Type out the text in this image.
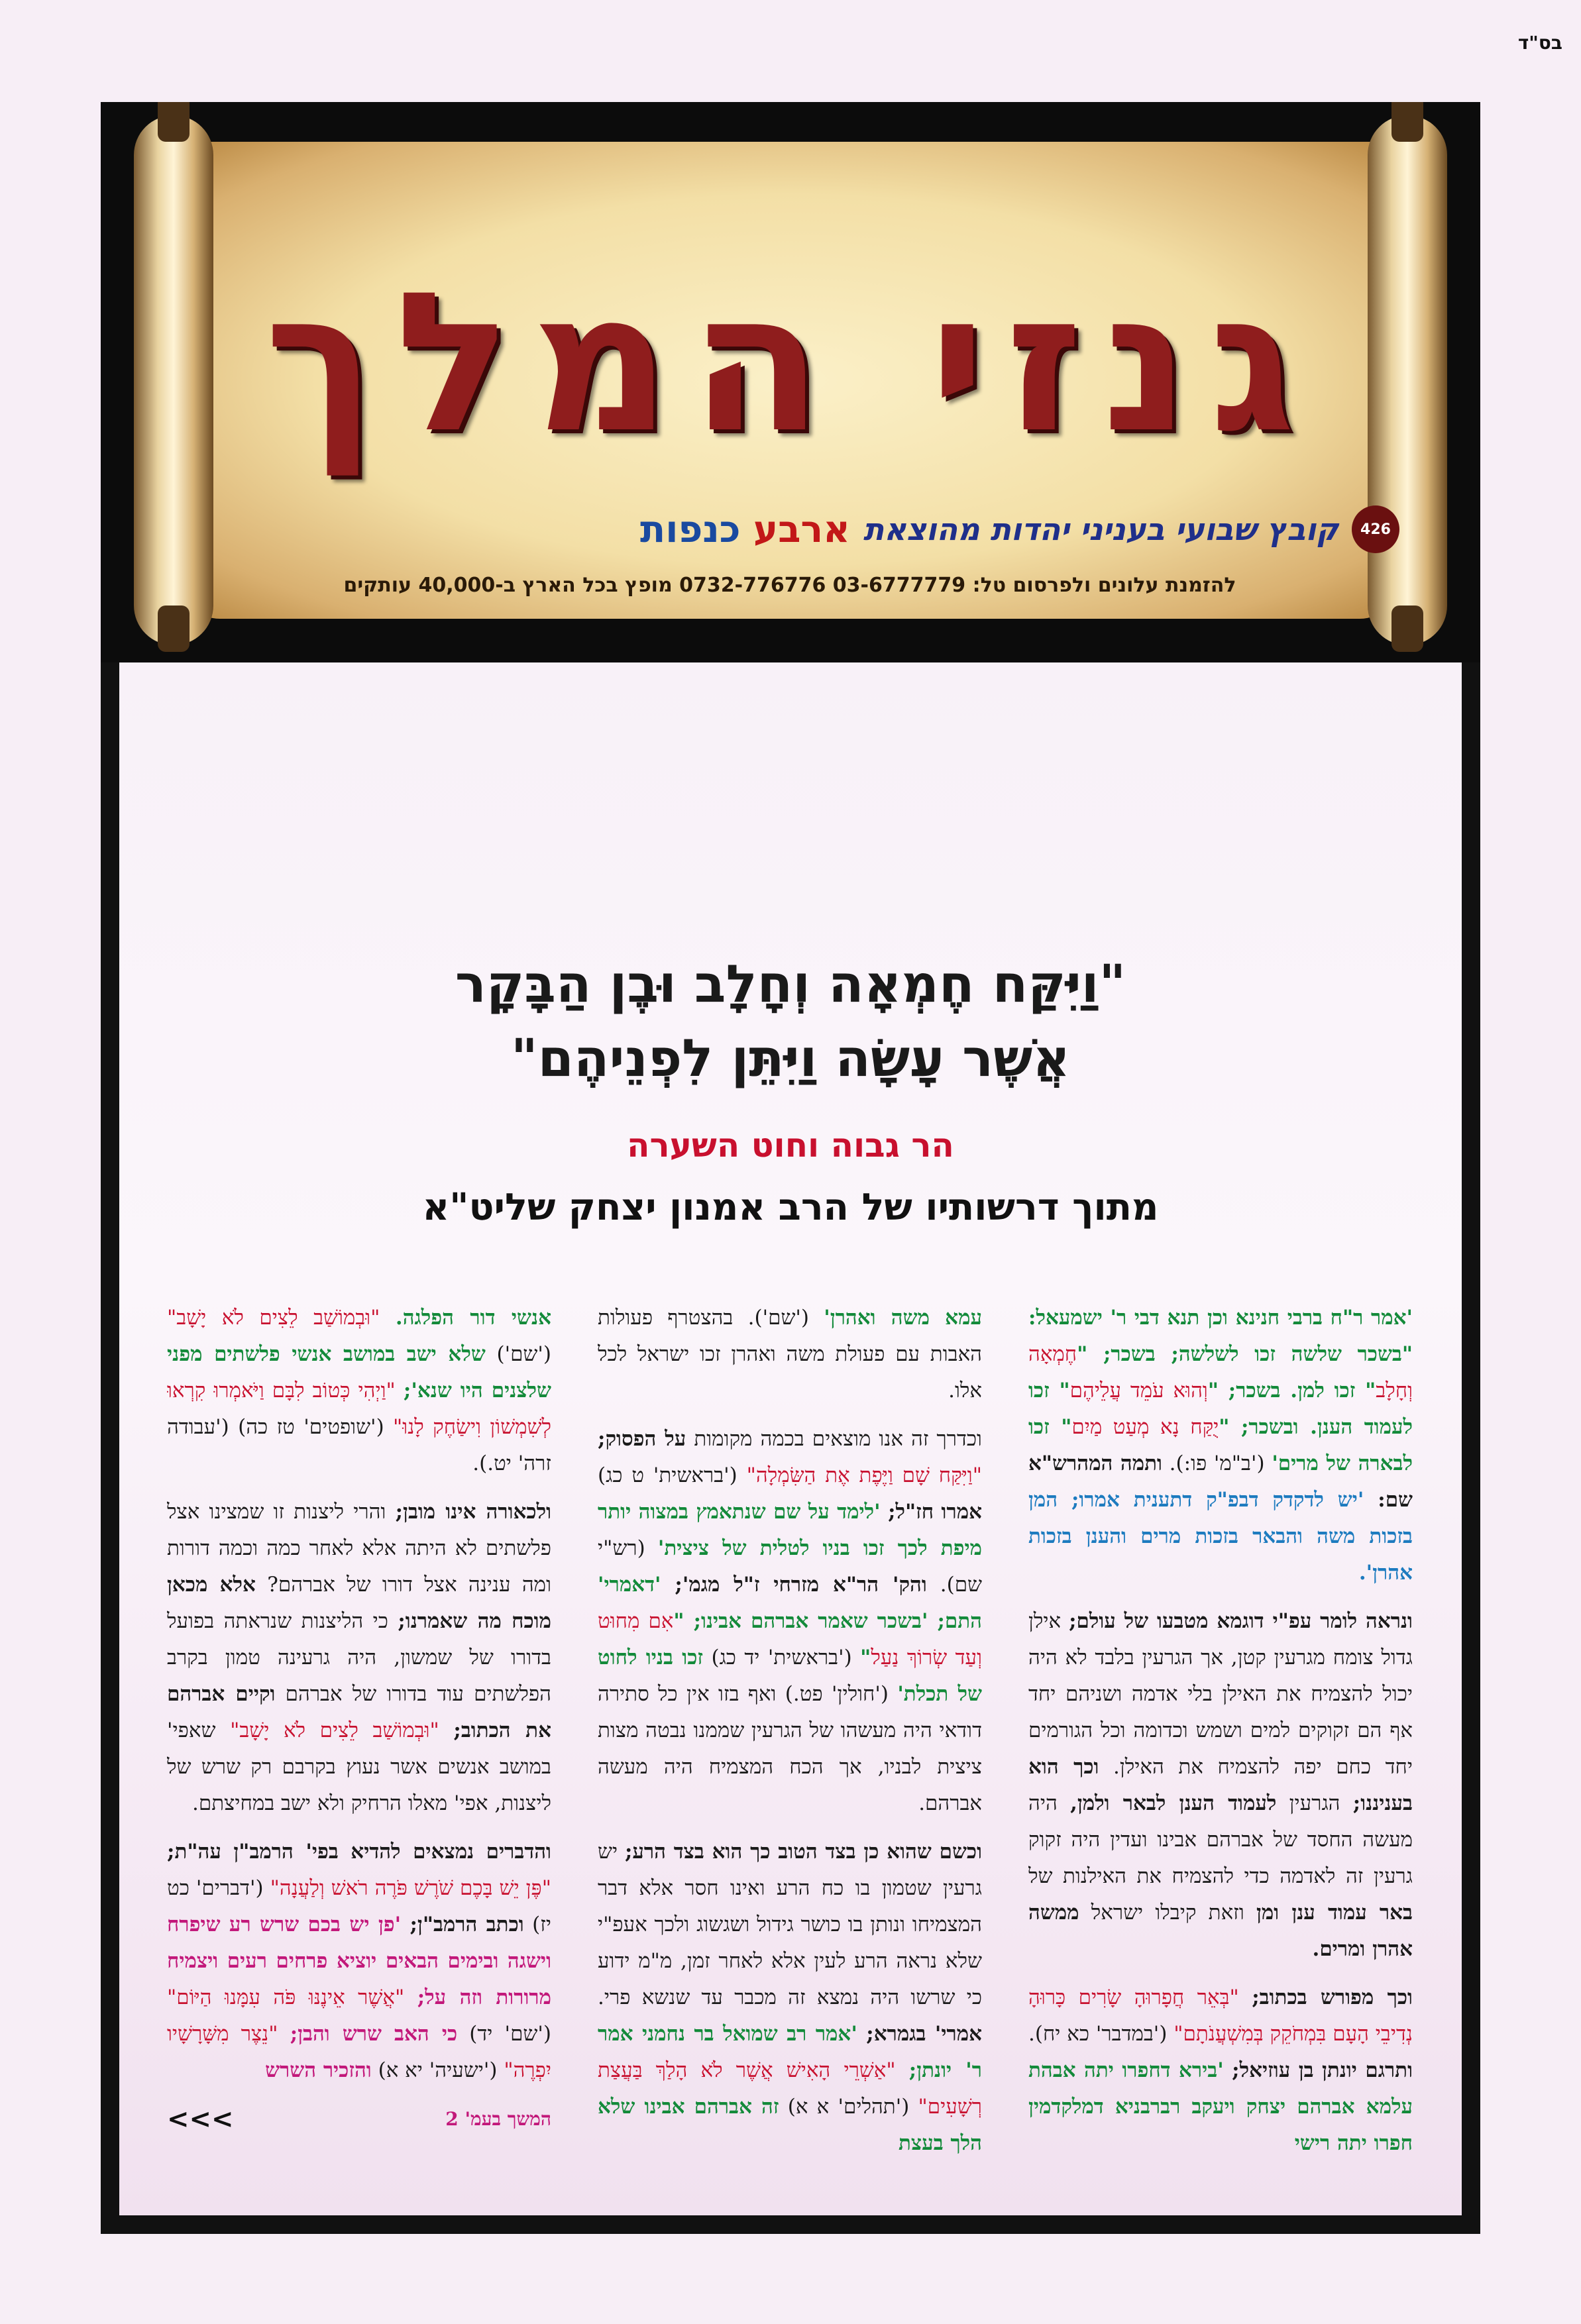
בס"ד
גנזי המלך
426
קובץ שבועי בעניני יהדות מהוצאת
ארבע כנפות
להזמנת עלונים ולפרסום טל: 03-6777779 0732-776776 מופץ בכל הארץ ב-40,000 עותקים
"וַיִּקַּח חֶמְאָה וְחָלָב וּבֶן הַבָּקָר
אֲשֶׁר עָשָׂה וַיִּתֵּן לִפְנֵיהֶם"
הר גבוה וחוט השערה
מתוך דרשותיו של הרב אמנון יצחק שליט"א

'אמר ר"ח ברבי חנינא וכן תנא דבי ר' ישמעאל: "בשכר שלשה זכו לשלשה; בשכר; "חֶמְאָה וְחָלָב" זכו למן. בשכר; "וְהוּא עֹמֵד עֲלֵיהֶם" זכו לעמוד הענן. ובשכר; "יֻקַּח נָא מְעַט מַיִם" זכו לבארה של מרים' ('ב"מ' פו:). ותמה המהרש"א שם: 'יש לדקדק דבפ"ק דתענית אמרו; המן בזכות משה והבאר בזכות מרים והענן בזכות אהרן'.

ונראה לומר עפ"י דוגמא מטבעו של עולם; אילן גדול צומח מגרעין קטן, אך הגרעין בלבד לא היה יכול להצמיח את האילן בלי אדמה ושניהם יחד אף הם זקוקים למים ושמש וכדומה וכל הגורמים יחד כחם יפה להצמיח את האילן. וכך הוא בעניננו; הגרעין לעמוד הענן לבאר ולמן, היה מעשה החסד של אברהם אבינו ועדין היה זקוק גרעין זה לאדמה כדי להצמיח את האילנות של באר עמוד ענן ומן וזאת קיבלו ישראל ממשה אהרן ומרים.

וכך מפורש בכתוב; "בְּאֵר חֲפָרוּהָ שָׂרִים כָּרוּהָ נְדִיבֵי הָעָם בִּמְחֹקֵק בְּמִשְׁעֲנֹתָם" ('במדבר' כא יח). ותרגם יונתן בן עוזיאל; 'בירא דחפרו יתה אבהת עלמא אברהם יצחק ויעקב רברבניא דמלקדמין חפרו יתה רישי

עמא משה ואהרן' ('שם'). בהצטרף פעולות האבות עם פעולת משה ואהרן זכו ישראל לכל אלו.

וכדרך זה אנו מוצאים בכמה מקומות על הפסוק; "וַיִּקַּח שָׁם וַיֶּפֶת אֶת הַשִּׂמְלָה" ('בראשית' ט כג) אמרו חז"ל; 'לימד על שם שנתאמץ במצוה יותר מיפת לכך זכו בניו לטלית של ציצית' (רש"י שם). והק' הר"א מזרחי ז"ל מגמ'; 'דאמרי' התם; 'בשכר שאמר אברהם אבינו; "אִם מִחוּט וְעַד שְׂרוֹךְ נַעַל" ('בראשית' יד כג) זכו בניו לחוט של תכלת' ('חולין' פט.) ואף בזו אין כל סתירה דודאי היה מעשהו של הגרעין שממנו נבטה מצות ציצית לבניו, אך הכח המצמיח היה מעשה אברהם.

וכשם שהוא כן בצד הטוב כך הוא בצד הרע; יש גרעין שטמון בו כח הרע ואינו חסר אלא דבר המצמיחו ונותן בו כושר גידול ושגשוג ולכך אעפ"י שלא נראה הרע לעין אלא לאחר זמן, מ"מ ידוע כי שרשו היה נמצא זה מכבר עד שנשא פרי. אמרי' בגמרא; 'אמר רב שמואל בר נחמני אמר ר' יונתן; "אַשְׁרֵי הָאִישׁ אֲשֶׁר לֹא הָלַךְ בַּעֲצַת רְשָׁעִים" ('תהלים' א א) זה אברהם אבינו שלא הלך בעצת

אנשי דור הפלגה. "וּבְמוֹשַׁב לֵצִים לֹא יָשָׁב" ('שם') שלא ישב במושב אנשי פלשתים מפני שלצנים היו שנא'; "וַיְהִי כְּטוֹב לִבָּם וַיֹּאמְרוּ קִרְאוּ לְשִׁמְשׁוֹן וִישַׂחֶק לָנוּ" ('שופטים' טז כה) ('עבודה זרה' יט.).

ולכאורה אינו מובן; והרי ליצנות זו שמצינו אצל פלשתים לא היתה אלא לאחר כמה וכמה דורות ומה ענינה אצל דורו של אברהם? אלא מכאן מוכח מה שאמרנו; כי הליצנות שנראתה בפועל בדורו של שמשון, היה גרעינה טמון בקרב הפלשתים עוד בדורו של אברהם וקיים אברהם את הכתוב; "וּבְמוֹשַׁב לֵצִים לֹא יָשָׁב" שאפי' במושב אנשים אשר נעוץ בקרבם רק שרש של ליצנות, אפי' מאלו הרחיק ולא ישב במחיצתם.

והדברים נמצאים להדיא בפי' הרמב"ן עה"ת; "פֶּן יֵשׁ בָּכֶם שֹׁרֶשׁ פֹּרֶה רֹאשׁ וְלַעֲנָה" ('דברים' כט יז) וכתב הרמב"ן; 'פן יש בכם שרש רע שיפרח וישגה ובימים הבאים יוציא פרחים רעים ויצמיח מרורות וזה על; "אֲשֶׁר אֵינֶנּוּ פֹּה עִמָּנוּ הַיּוֹם" ('שם' יד) כי האב שרש והבן; "נֵצֶר מִשָּׁרָשָׁיו יִפְרֶה" ('ישעיה' יא א) והזכיר השרש

המשך בעמ' 2
<<<
